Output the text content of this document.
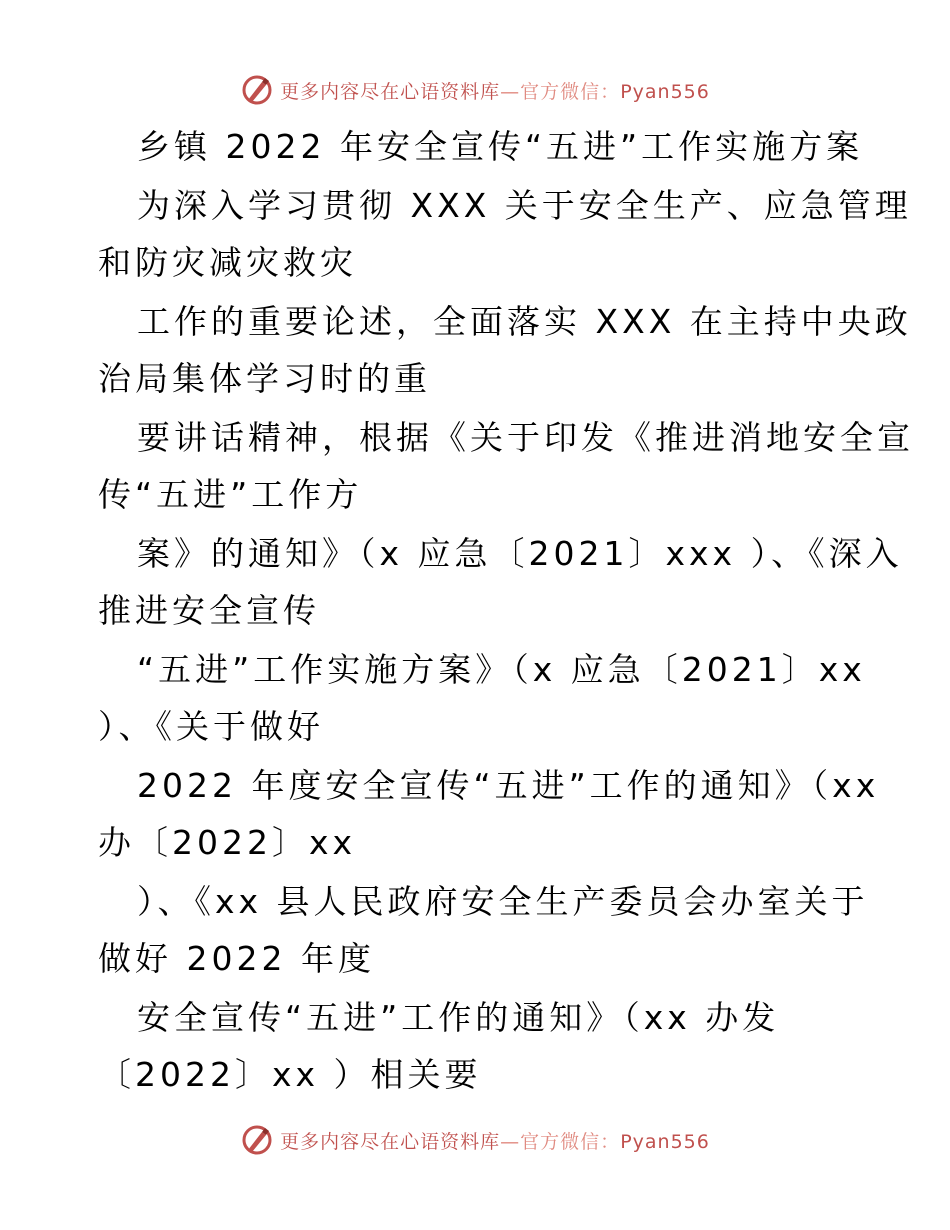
更多内容尽在心语资料库—官方微信：Pyan556
乡镇 2022 年安全宣传“五进”工作实施方案
为深入学习贯彻 XXX 关于安全生产、应急管理
和防灾减灾救灾
工作的重要论述，全面落实 XXX 在主持中央政
治局集体学习时的重
要讲话精神，根据《关于印发《推进消地安全宣
传“五进”工作方
案》的通知》（x 应急〔2021〕xxx ）、《深入
推进安全宣传
“五进”工作实施方案》（x 应急〔2021〕xx
）、《关于做好
2022 年度安全宣传“五进”工作的通知》（xx
办〔2022〕xx
）、《xx 县人民政府安全生产委员会办室关于
做好 2022 年度
安全宣传“五进”工作的通知》（xx 办发
〔2022〕xx ）相关要
更多内容尽在心语资料库—官方微信：Pyan556
